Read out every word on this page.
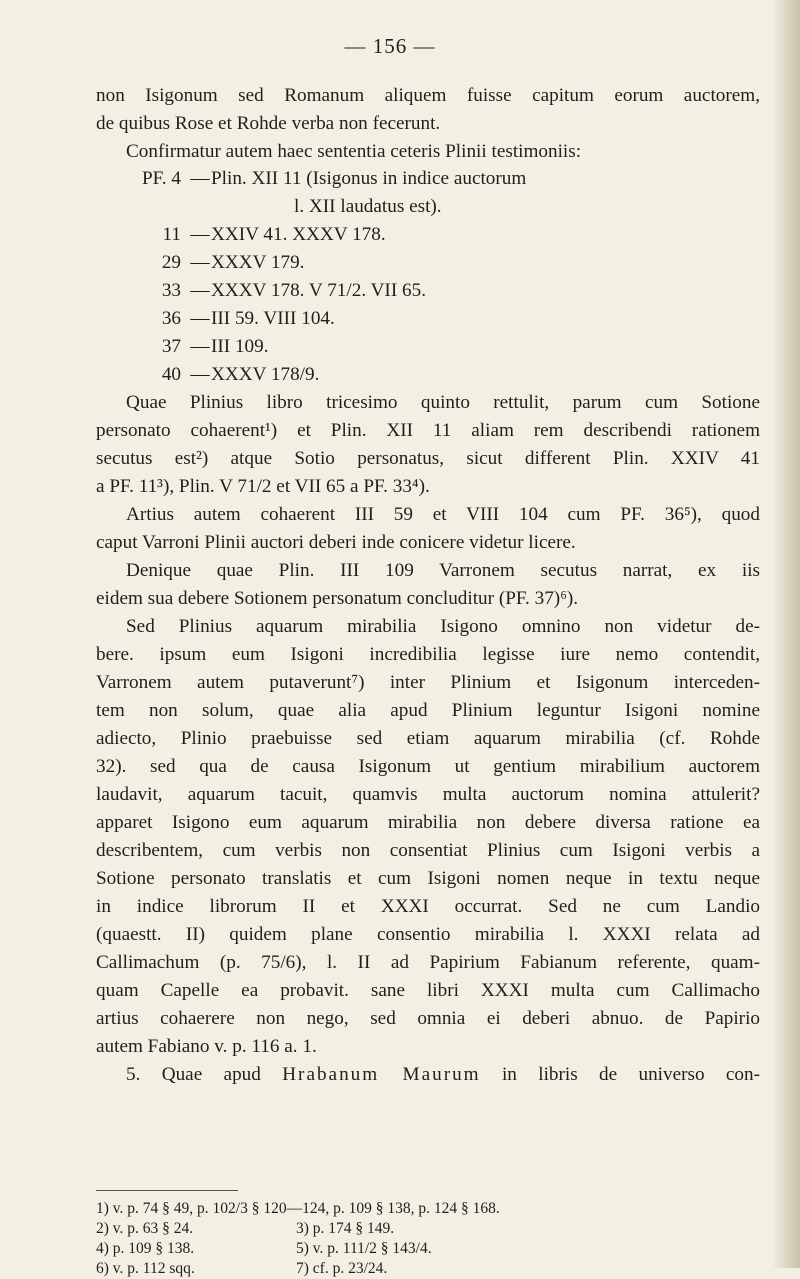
— 156 —
non Isigonum sed Romanum aliquem fuisse capitum eorum auctorem,
de quibus Rose et Rohde verba non fecerunt.
Confirmatur autem haec sententia ceteris Plinii testimoniis:
PF. 4 — Plin. XII 11 (Isigonus in indice auctorum
l. XII laudatus est).
11 — XXIV 41. XXXV 178.
29 — XXXV 179.
33 — XXXV 178. V 71/2. VII 65.
36 — III 59. VIII 104.
37 — III 109.
40 — XXXV 178/9.
Quae Plinius libro tricesimo quinto rettulit, parum cum Sotione
personato cohaerent¹) et Plin. XII 11 aliam rem describendi rationem
secutus est²) atque Sotio personatus, sicut different Plin. XXIV 41
a PF. 11³), Plin. V 71/2 et VII 65 a PF. 33⁴).
Artius autem cohaerent III 59 et VIII 104 cum PF. 36⁵), quod
caput Varroni Plinii auctori deberi inde conicere videtur licere.
Denique quae Plin. III 109 Varronem secutus narrat, ex iis
eidem sua debere Sotionem personatum concluditur (PF. 37)⁶).
Sed Plinius aquarum mirabilia Isigono omnino non videtur de-
bere. ipsum eum Isigoni incredibilia legisse iure nemo contendit,
Varronem autem putaverunt⁷) inter Plinium et Isigonum interceden-
tem non solum, quae alia apud Plinium leguntur Isigoni nomine
adiecto, Plinio praebuisse sed etiam aquarum mirabilia (cf. Rohde
32). sed qua de causa Isigonum ut gentium mirabilium auctorem
laudavit, aquarum tacuit, quamvis multa auctorum nomina attulerit?
apparet Isigono eum aquarum mirabilia non debere diversa ratione ea
describentem, cum verbis non consentiat Plinius cum Isigoni verbis a
Sotione personato translatis et cum Isigoni nomen neque in textu neque
in indice librorum II et XXXI occurrat. Sed ne cum Landio
(quaestt. II) quidem plane consentio mirabilia l. XXXI relata ad
Callimachum (p. 75/6), l. II ad Papirium Fabianum referente, quam-
quam Capelle ea probavit. sane libri XXXI multa cum Callimacho
artius cohaerere non nego, sed omnia ei deberi abnuo. de Papirio
autem Fabiano v. p. 116 a. 1.
5. Quae apud Hrabanum Maurum in libris de universo con-
1) v. p. 74 § 49, p. 102/3 § 120—124, p. 109 § 138, p. 124 § 168.
2) v. p. 63 § 24.	3) p. 174 § 149.
4) p. 109 § 138.	5) v. p. 111/2 § 143/4.
6) v. p. 112 sqq.	7) cf. p. 23/24.
